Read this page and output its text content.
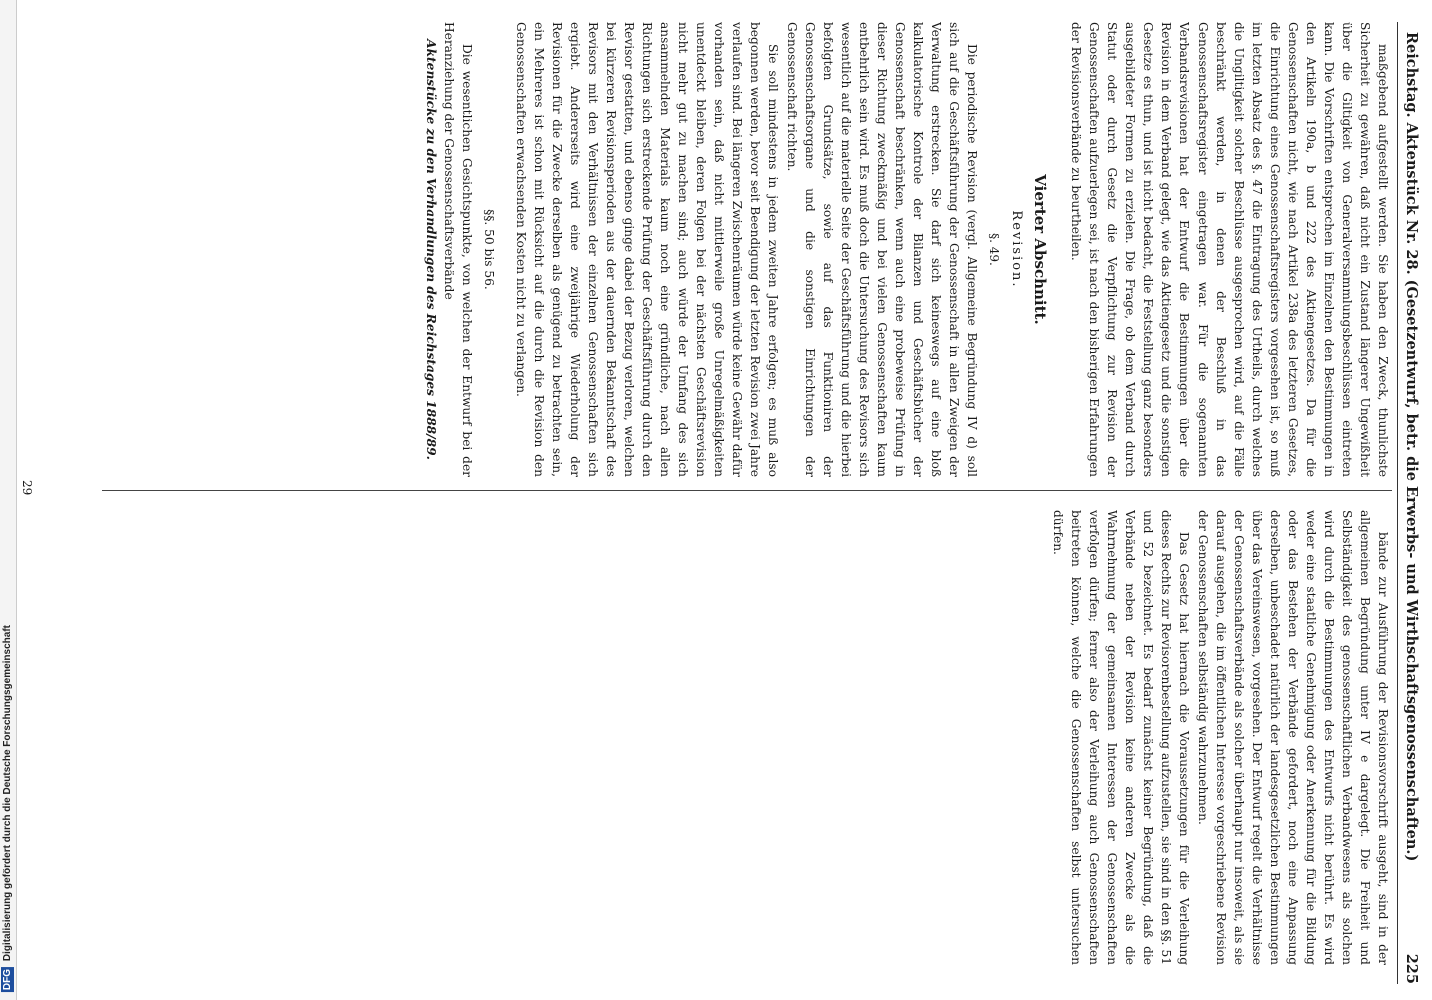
Reichstag. Aktenstück Nr. 28. (Gesetzentwurf, betr. die Erwerbs- und Wirthschaftsgenossenschaften.)
225

maßgebend aufgestellt werden. Sie haben den Zweck, thunlichste Sicherheit zu gewähren, daß nicht ein Zustand längerer Ungewißheit über die Giltigkeit von Generalversammlungsbeschlüssen eintreten kann. Die Vorschriften entsprechen im Einzelnen den Bestimmungen in den Artikeln 190a, b und 222 des Aktiengesetzes. Da für die Genossenschaften nicht, wie nach Artikel 238a des letzteren Gesetzes, die Einrichtung eines Genossenschaftsregisters vorgesehen ist, so muß im letzten Absatz des §. 47 die Eintragung des Urtheils, durch welches die Ungiltigkeit solcher Beschlüsse ausgesprochen wird, auf die Fälle beschränkt werden, in denen der Beschluß in das Genossenschaftsregister eingetragen war. Für die sogenannten Verbandsrevisionen hat der Entwurf die Bestimmungen über die Revision in dem Verband gelegt, wie das Aktiengesetz und die sonstigen Gesetze es thun, und ist nicht bedacht, die Feststellung ganz besonders ausgebildeter Formen zu erzielen. Die Frage, ob dem Verband durch Statut oder durch Gesetz die Verpflichtung zur Revision der Genossenschaften aufzuerlegen sei, ist nach den bisherigen Erfahrungen der Revisionsverbände zu beurtheilen.

Vierter Abschnitt.
Revision.
§. 49.

Die periodische Revision (vergl. Allgemeine Begründung IV d) soll sich auf die Geschäftsführung der Genossenschaft in allen Zweigen der Verwaltung erstrecken. Sie darf sich keineswegs auf eine bloß kalkulatorische Kontrole der Bilanzen und Geschäftsbücher der Genossenschaft beschränken, wenn auch eine probeweise Prüfung in dieser Richtung zweckmäßig und bei vielen Genossenschaften kaum entbehrlich sein wird. Es muß doch die Untersuchung des Revisors sich wesentlich auf die materielle Seite der Geschäftsführung und die hierbei befolgten Grundsätze, sowie auf das Funktioniren der Genossenschaftsorgane und die sonstigen Einrichtungen der Genossenschaft richten.

Sie soll mindestens in jedem zweiten Jahre erfolgen; es muß also begonnen werden, bevor seit Beendigung der letzten Revision zwei Jahre verlaufen sind. Bei längeren Zwischenräumen würde keine Gewähr dafür vorhanden sein, daß nicht mittlerweile große Unregelmäßigkeiten unentdeckt bleiben, deren Folgen bei der nächsten Geschäftsrevision nicht mehr gut zu machen sind; auch würde der Umfang des sich ansammelnden Materials kaum noch eine gründliche, nach allen Richtungen sich erstreckende Prüfung der Geschäftsführung durch den Revisor gestatten, und ebenso ginge dabei der Bezug verloren, welchen bei kürzeren Revisionsperioden aus der dauernden Bekanntschaft des Revisors mit den Verhältnissen der einzelnen Genossenschaften sich ergiebt. Andererseits wird eine zweijährige Wiederholung der Revisionen für die Zwecke derselben als genügend zu betrachten sein, ein Mehreres ist schon mit Rücksicht auf die durch die Revision den Genossenschaften erwachsenden Kosten nicht zu verlangen.

§§. 50 bis 56.

Die wesentlichen Gesichtspunkte, von welchen der Entwurf bei der Heranziehung der Genossenschaftsverbände

Aktenstücke zu den Verhandlungen des Reichstages 1888/89.

bände zur Ausführung der Revisionsvorschrift ausgeht, sind in der allgemeinen Begründung unter IV e dargelegt. Die Freiheit und Selbständigkeit des genossenschaftlichen Verbandwesens als solchen wird durch die Bestimmungen des Entwurfs nicht berührt. Es wird weder eine staatliche Genehmigung oder Anerkennung für die Bildung oder das Bestehen der Verbände gefordert, noch eine Anpassung derselben, unbeschadet natürlich der landesgesetzlichen Bestimmungen über das Vereinswesen, vorgesehen. Der Entwurf regelt die Verhältnisse der Genossenschaftsverbände als solcher überhaupt nur insoweit, als sie darauf ausgehen, die im öffentlichen Interesse vorgeschriebene Revision der Genossenschaften selbständig wahrzunehmen.

Das Gesetz hat hiernach die Voraussetzungen für die Verleihung dieses Rechts zur Revisorenbestellung aufzustellen, sie sind in den §§. 51 und 52 bezeichnet. Es bedarf zunächst keiner Begründung, daß die Verbände neben der Revision keine anderen Zwecke als die Wahrnehmung der gemeinsamen Interessen der Genossenschaften verfolgen dürfen; ferner also der Verleihung auch Genossenschaften beitreten können, welche die Genossenschaften selbst untersuchen dürfen.

29
DFG Digitalisierung gefördert durch die Deutsche Forschungsgemeinschaft
